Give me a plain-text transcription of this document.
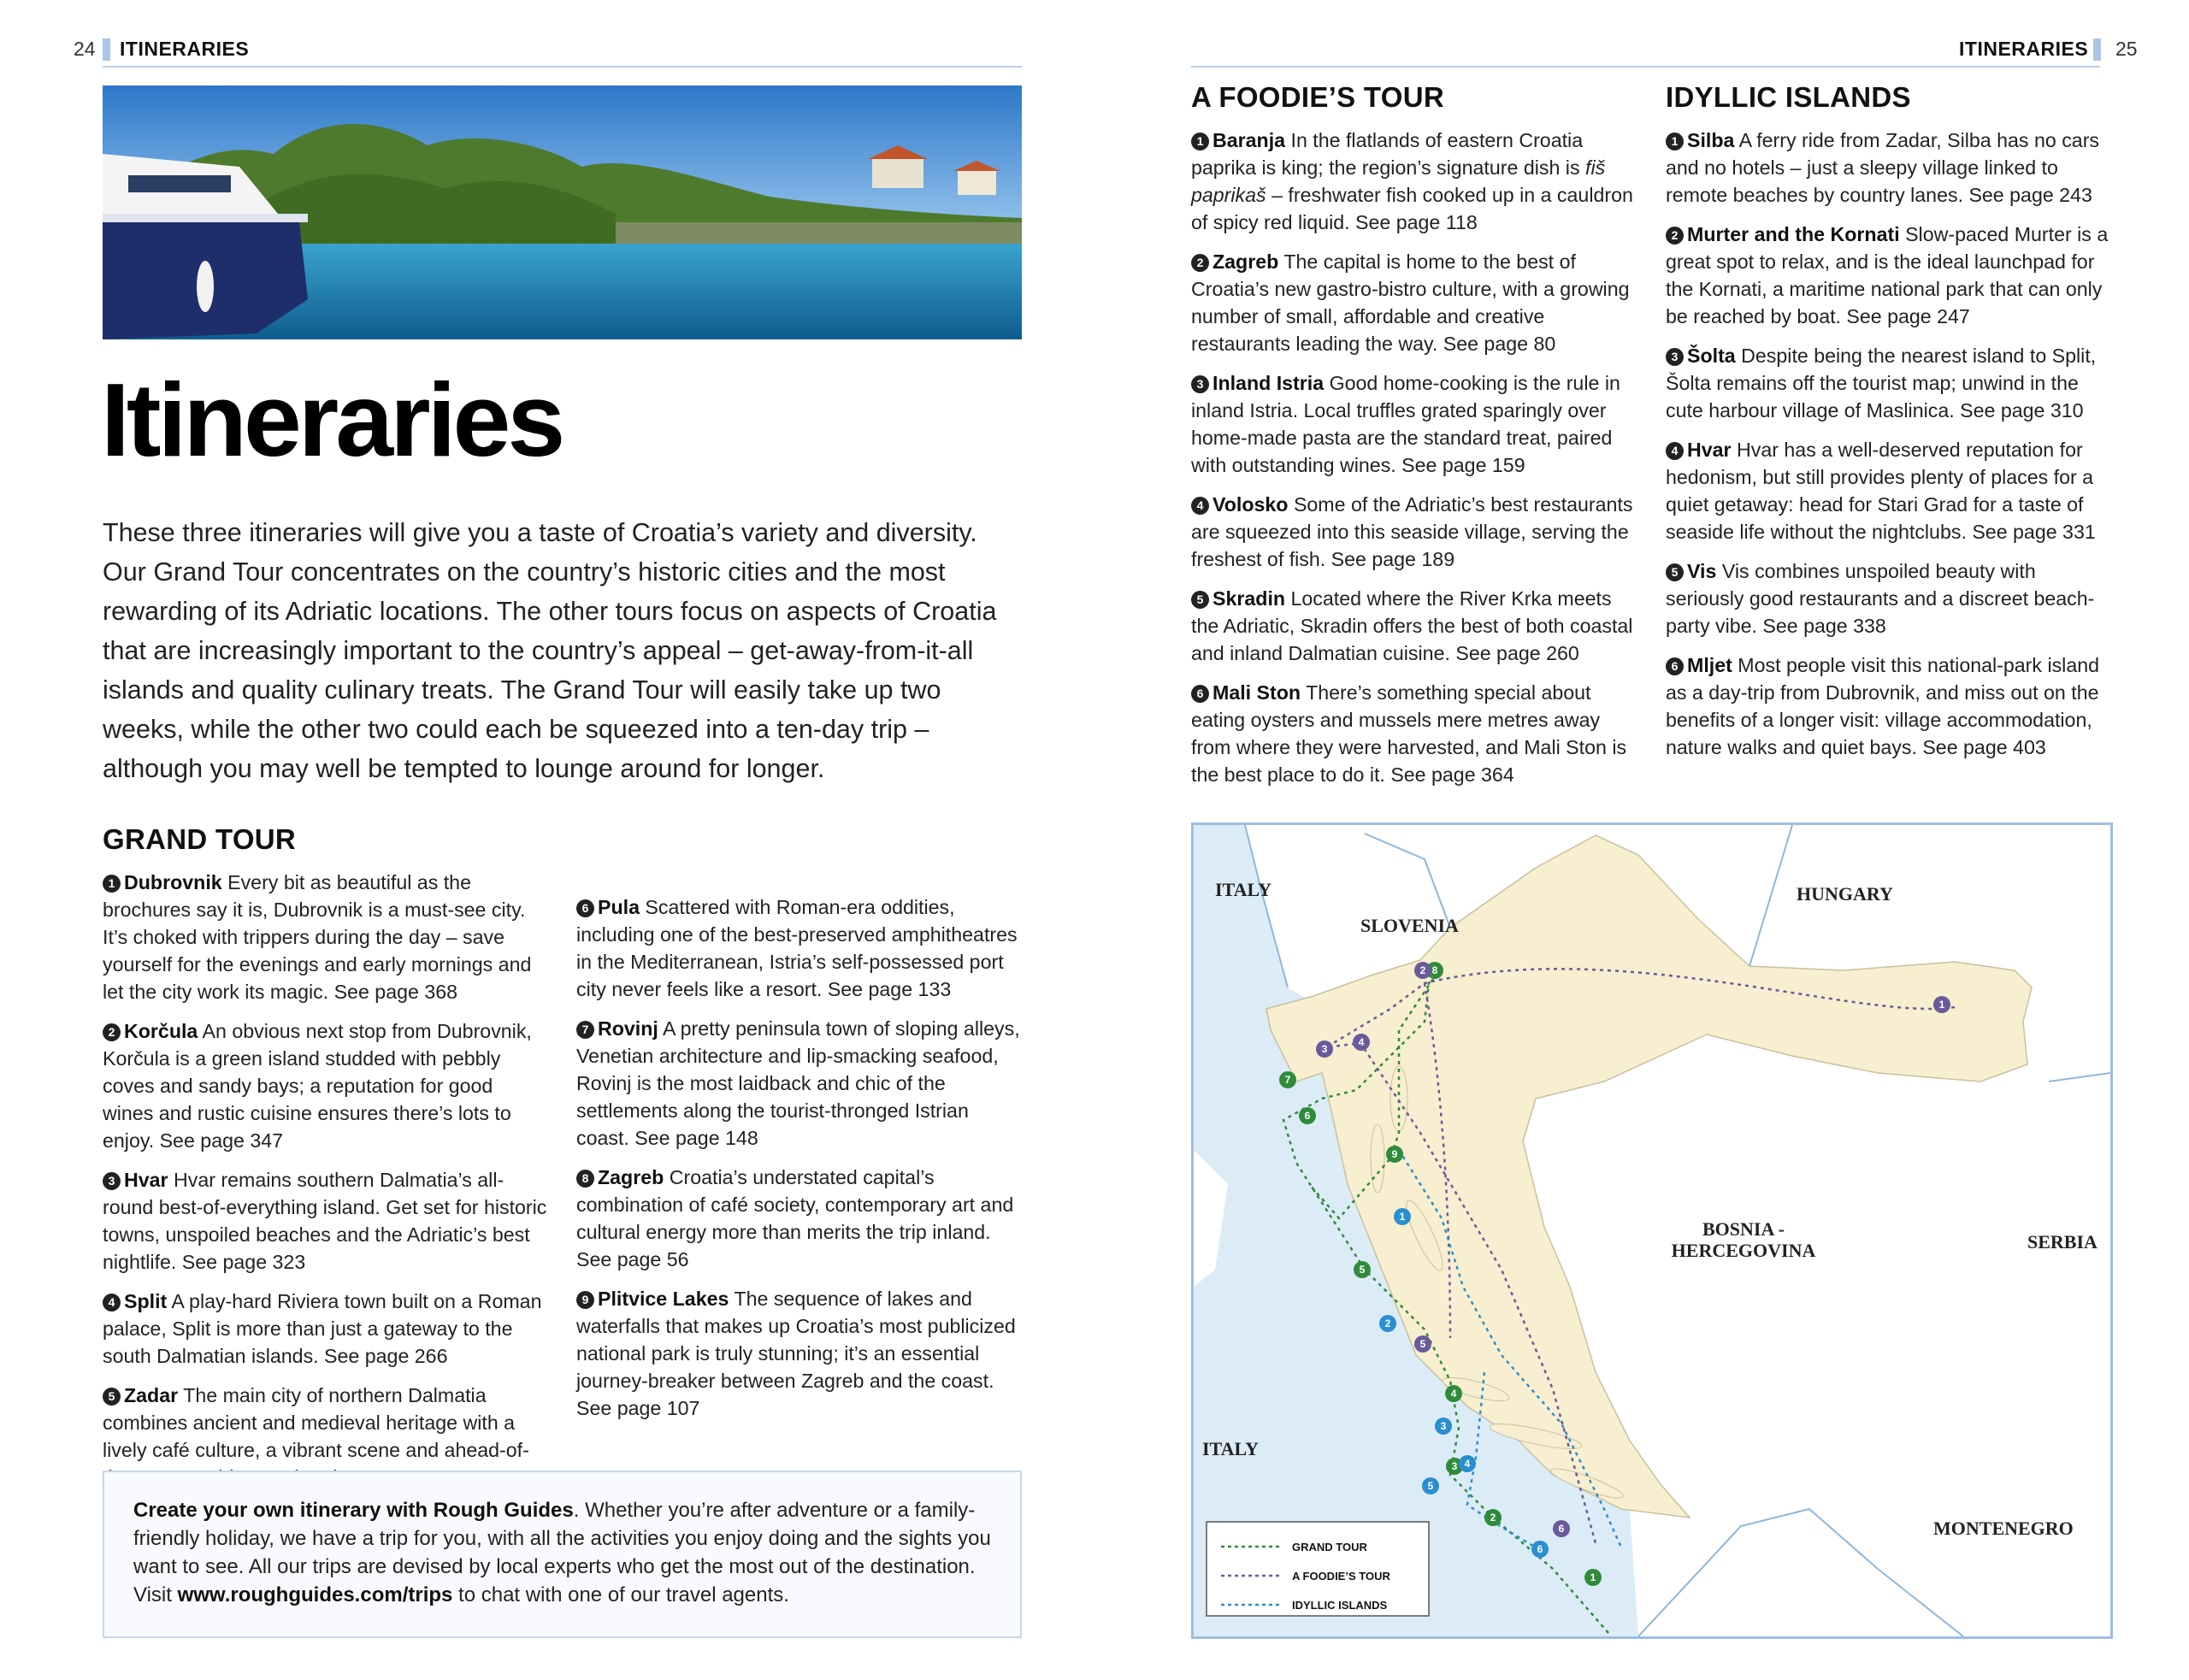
24 ITINERARIES
Itineraries
These three itineraries will give you a taste of Croatia’s variety and diversity. Our Grand Tour concentrates on the country’s historic cities and the most rewarding of its Adriatic locations. The other tours focus on aspects of Croatia that are increasingly important to the country’s appeal – get-away-from-it-all islands and quality culinary treats. The Grand Tour will easily take up two weeks, while the other two could each be squeezed into a ten-day trip – although you may well be tempted to lounge around for longer.
GRAND TOUR

1 Dubrovnik Every bit as beautiful as the brochures say it is, Dubrovnik is a must-see city. It’s choked with trippers during the day – save yourself for the evenings and early mornings and let the city work its magic. See page 368

2 Korčula An obvious next stop from Dubrovnik, Korčula is a green island studded with pebbly coves and sandy bays; a reputation for good wines and rustic cuisine ensures there’s lots to enjoy. See page 347

3 Hvar Hvar remains southern Dalmatia’s all-round best-of-everything island. Get set for historic towns, unspoiled beaches and the Adriatic’s best nightlife. See page 323

4 Split A play-hard Riviera town built on a Roman palace, Split is more than just a gateway to the south Dalmatian islands. See page 266

5 Zadar The main city of northern Dalmatia combines ancient and medieval heritage with a lively café culture, a vibrant scene and ahead-of-

6 Pula Scattered with Roman-era oddities, including one of the best-preserved amphitheatres in the Mediterranean, Istria’s self-possessed port city never feels like a resort. See page 133

7 Rovinj A pretty peninsula town of sloping alleys, Venetian architecture and lip-smacking seafood, Rovinj is the most laidback and chic of the settlements along the tourist-thronged Istrian coast. See page 148

8 Zagreb Croatia’s understated capital’s combination of café society, contemporary art and cultural energy more than merits the trip inland. See page 56

9 Plitvice Lakes The sequence of lakes and waterfalls that makes up Croatia’s most publicized national park is truly stunning; it’s an essential journey-breaker between Zagreb and the coast. See page 107

Create your own itinerary with Rough Guides. Whether you’re after adventure or a family-friendly holiday, we have a trip for you, with all the activities you enjoy doing and the sights you want to see. All our trips are devised by local experts who get the most out of the destination. Visit www.roughguides.com/trips to chat with one of our travel agents.
ITINERARIES 25
A FOODIE’S TOUR

1 Baranja In the flatlands of eastern Croatia paprika is king; the region’s signature dish is fiš paprikaš – freshwater fish cooked up in a cauldron of spicy red liquid. See page 118

2 Zagreb The capital is home to the best of Croatia’s new gastro-bistro culture, with a growing number of small, affordable and creative restaurants leading the way. See page 80

3 Inland Istria Good home-cooking is the rule in inland Istria. Local truffles grated sparingly over home-made pasta are the standard treat, paired with outstanding wines. See page 159

4 Volosko Some of the Adriatic’s best restaurants are squeezed into this seaside village, serving the freshest of fish. See page 189

5 Skradin Located where the River Krka meets the Adriatic, Skradin offers the best of both coastal and inland Dalmatian cuisine. See page 260

6 Mali Ston There’s something special about eating oysters and mussels mere metres away from where they were harvested, and Mali Ston is the best place to do it. See page 364

IDYLLIC ISLANDS

1 Silba A ferry ride from Zadar, Silba has no cars and no hotels – just a sleepy village linked to remote beaches by country lanes. See page 243

2 Murter and the Kornati Slow-paced Murter is a great spot to relax, and is the ideal launchpad for the Kornati, a maritime national park that can only be reached by boat. See page 247

3 Šolta Despite being the nearest island to Split, Šolta remains off the tourist map; unwind in the cute harbour village of Maslinica. See page 310

4 Hvar Hvar has a well-deserved reputation for hedonism, but still provides plenty of places for a quiet getaway: head for Stari Grad for a taste of seaside life without the nightclubs. See page 331

5 Vis Vis combines unspoiled beauty with seriously good restaurants and a discreet beach-party vibe. See page 338

6 Mljet Most people visit this national-park island as a day-trip from Dubrovnik, and miss out on the benefits of a longer visit: village accommodation, nature walks and quiet bays. See page 403

1
2
3
4
5
6
7
8
9
1
2
3
4
5
6
1
2
3
4
5
6
ITALY
SLOVENIA
HUNGARY
BOSNIA -
HERCEGOVINA	SERBIA
ITALY
MONTENEGRO
GRAND TOUR
A FOODIE’S TOUR
IDYLLIC ISLANDS
